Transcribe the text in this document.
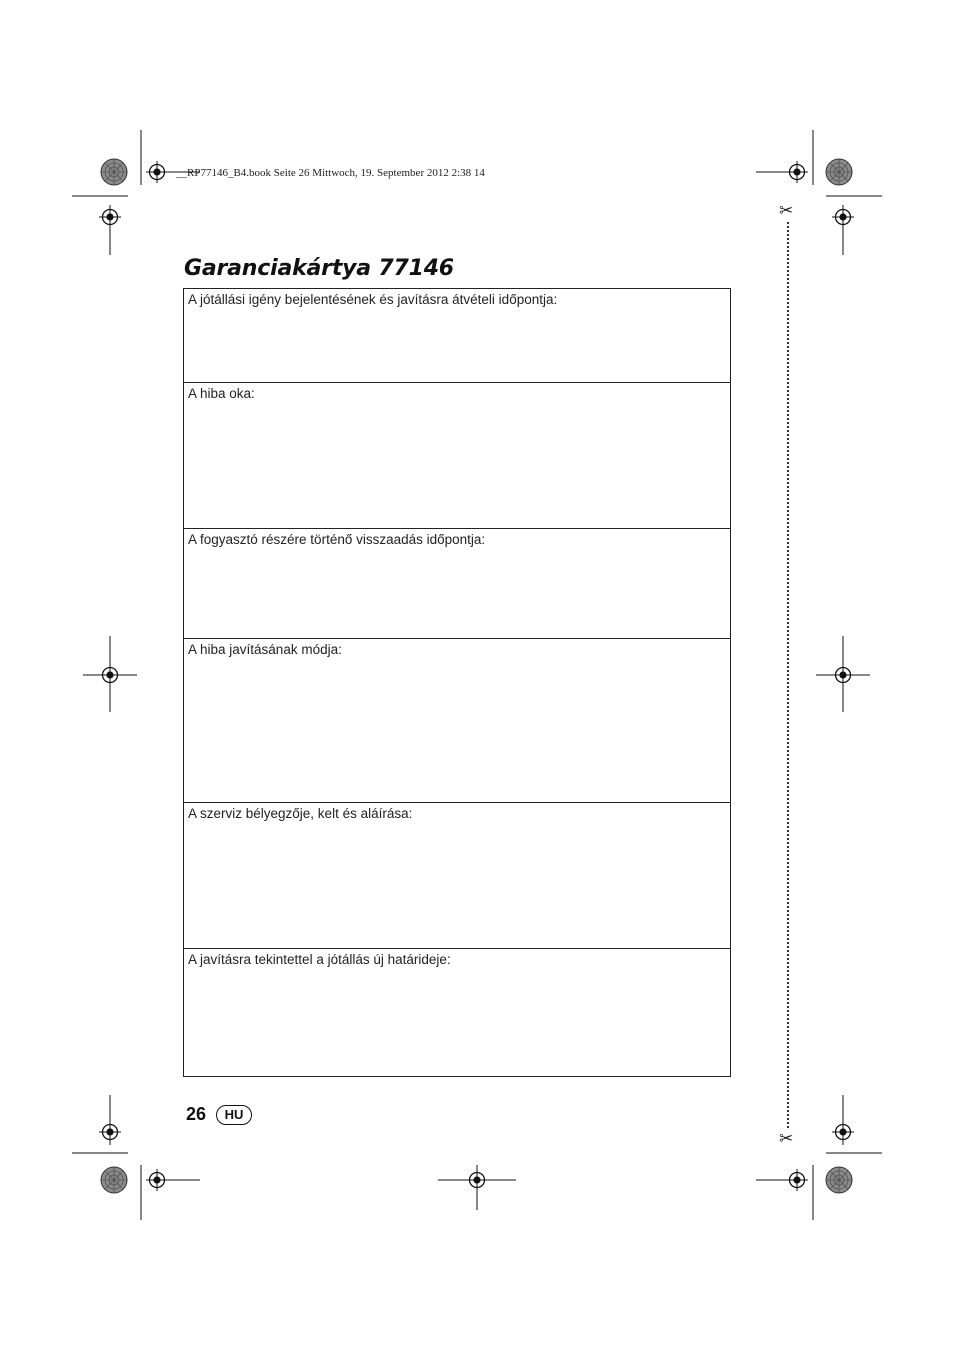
__RP77146_B4.book Seite 26 Mittwoch, 19. September 2012 2:38 14
Garanciakártya 77146
A jótállási igény bejelentésének és javításra átvételi időpontja:
A hiba oka:
A fogyasztó részére történő visszaadás időpontja:
A hiba javításának módja:
A szerviz bélyegzője, kelt és aláírása:
A javításra tekintettel a jótállás új határideje:
✂
✂
26	HU
